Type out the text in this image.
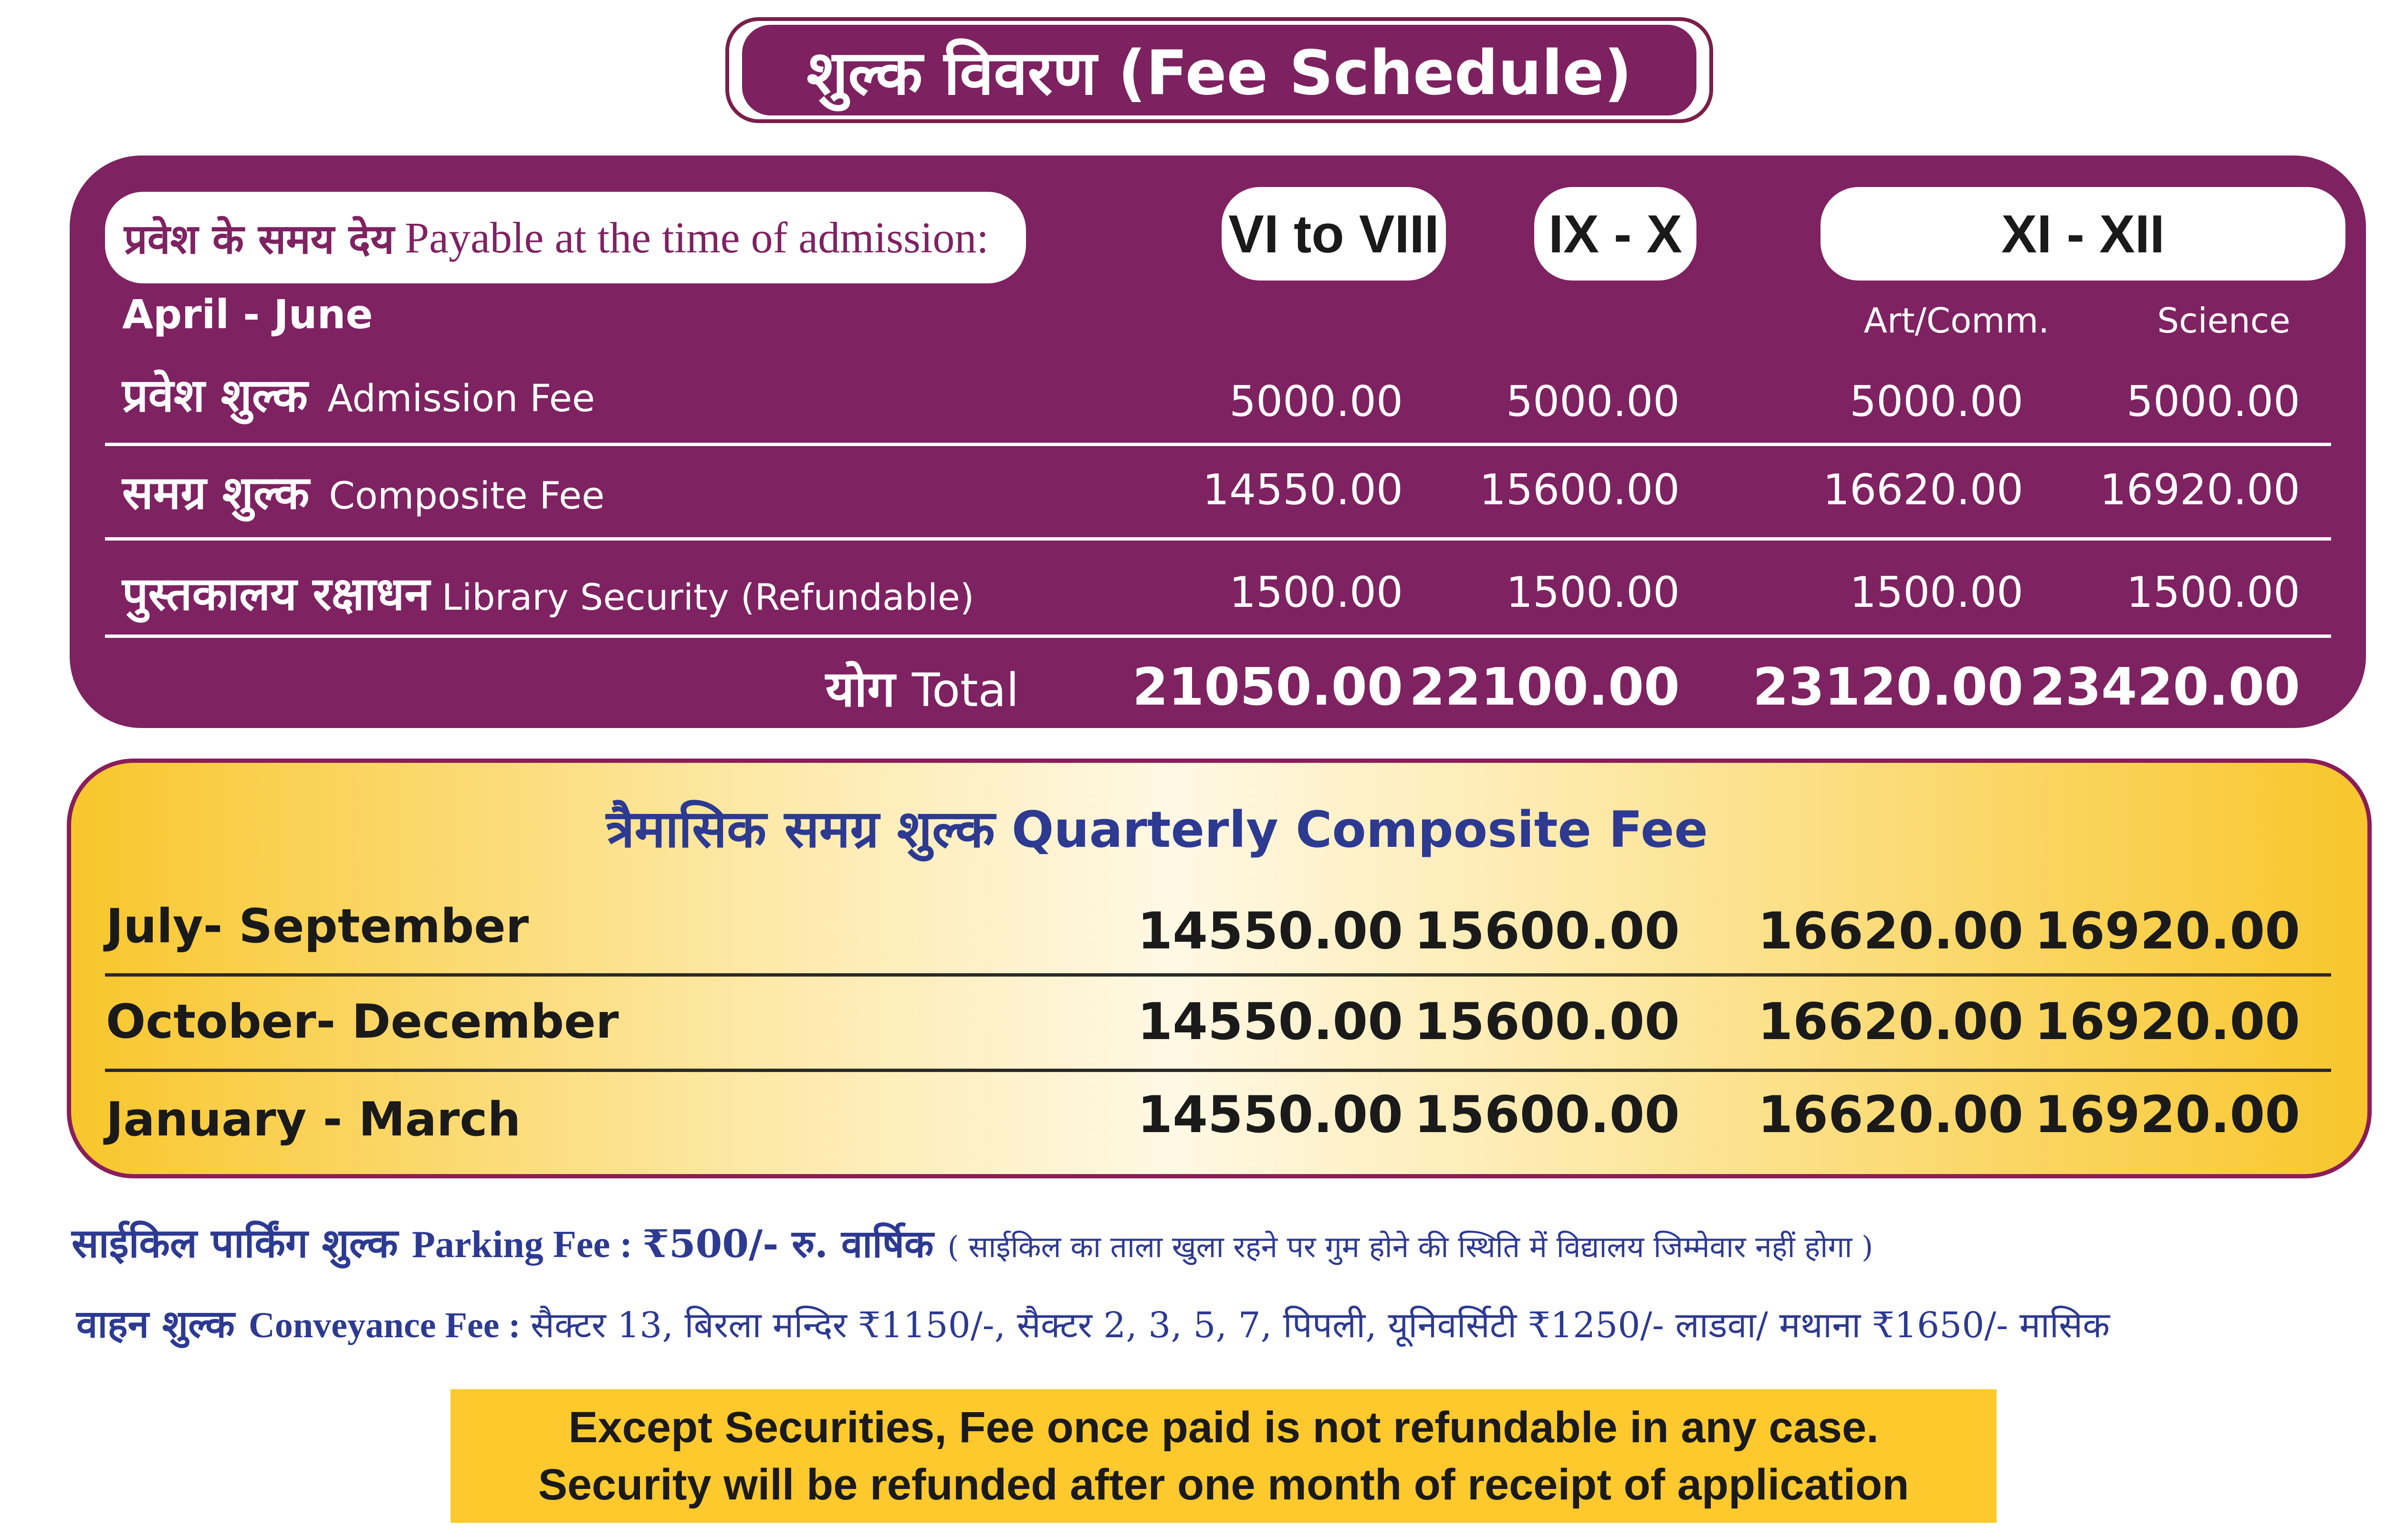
शुल्क विवरण (Fee Schedule)
प्रवेश के समय देय Payable at the time of admission:	VI to VIII IX - X	XI - XII
April - June	Art/Comm.	Science
प्रवेश शुल्क Admission Fee	5000.00	5000.00	5000.00	5000.00
समग्र शुल्क Composite Fee	14550.00	15600.00	16620.00	16920.00
पुस्तकालय रक्षाधन Library Security (Refundable)	1500.00	1500.00	1500.00	1500.00
योग Total	21050.00 22100.00	23120.00 23420.00
त्रैमासिक समग्र शुल्क Quarterly Composite Fee
July- September	14550.00 15600.00	16620.00 16920.00
October- December	14550.00 15600.00	16620.00 16920.00
January - March	14550.00 15600.00	16620.00 16920.00
साईकिल पार्किंग शुल्क Parking Fee : ₹500/- रु. वार्षिक ( साईकिल का ताला खुला रहने पर गुम होने की स्थिति में विद्यालय जिम्मेवार नहीं होगा )
वाहन शुल्क Conveyance Fee : सैक्टर 13, बिरला मन्दिर ₹1150/-, सैक्टर 2, 3, 5, 7, पिपली, यूनिवर्सिटी ₹1250/- लाडवा/ मथाना ₹1650/- मासिक
Except Securities, Fee once paid is not refundable in any case.
Security will be refunded after one month of receipt of application
